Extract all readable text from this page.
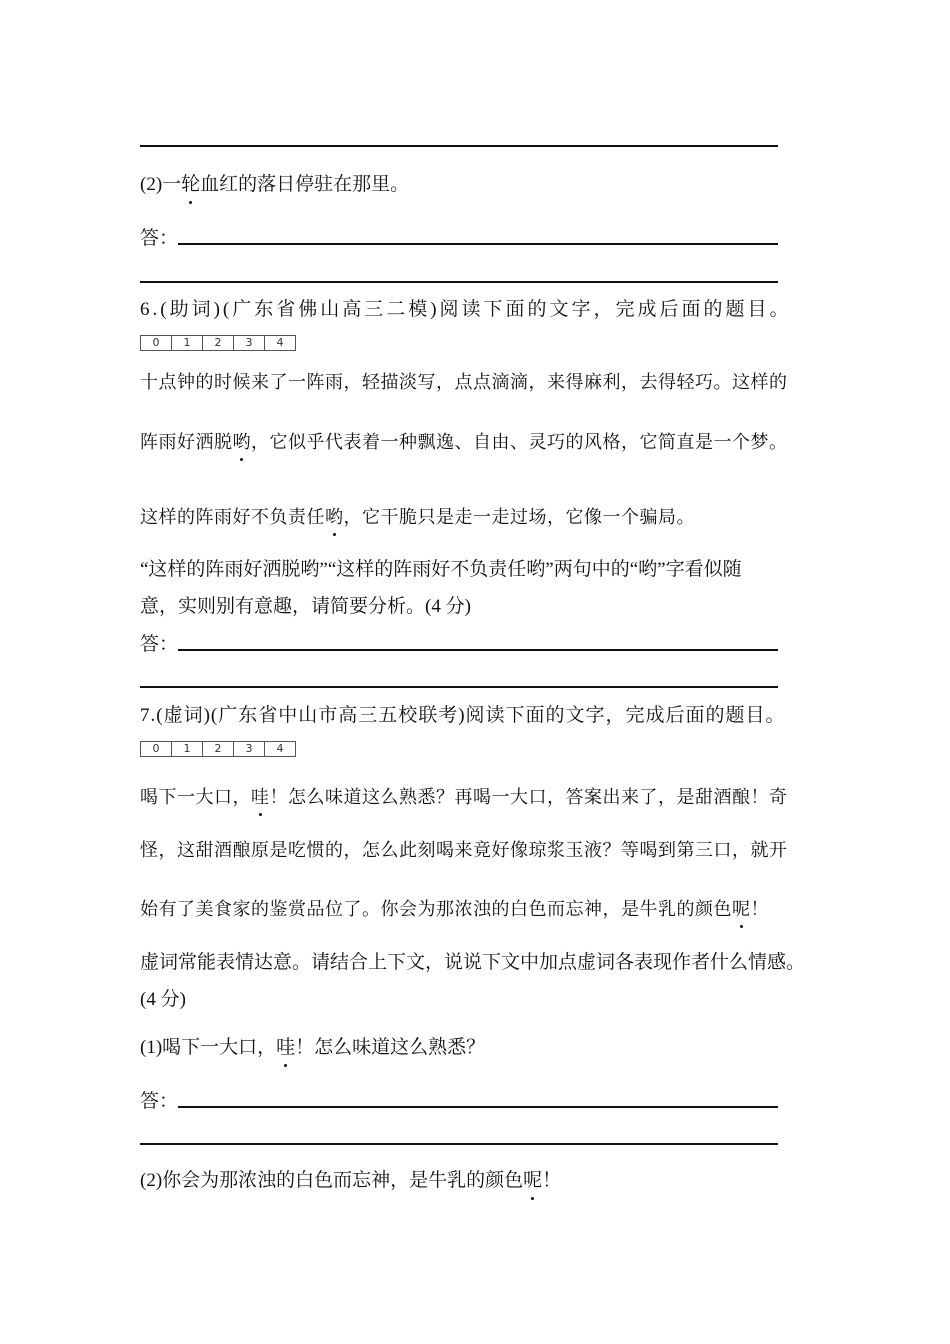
(2)一轮血红的落日停驻在那里。
答：
6.(助词)(广东省佛山高三二模)阅读下面的文字，完成后面的题目。
0	1	2	3	4
十点钟的时候来了一阵雨，轻描淡写，点点滴滴，来得麻利，去得轻巧。这样的
阵雨好洒脱哟，它似乎代表着一种飘逸、自由、灵巧的风格，它简直是一个梦。
这样的阵雨好不负责任哟，它干脆只是走一走过场，它像一个骗局。
“这样的阵雨好洒脱哟”“这样的阵雨好不负责任哟”两句中的“哟”字看似随
意，实则别有意趣，请简要分析。(4 分)
答：
7.(虚词)(广东省中山市高三五校联考)阅读下面的文字，完成后面的题目。
0	1	2	3	4
喝下一大口，哇！怎么味道这么熟悉？再喝一大口，答案出来了，是甜酒酿！奇
怪，这甜酒酿原是吃惯的，怎么此刻喝来竟好像琼浆玉液？等喝到第三口，就开
始有了美食家的鉴赏品位了。你会为那浓浊的白色而忘神，是牛乳的颜色呢！
虚词常能表情达意。请结合上下文，说说下文中加点虚词各表现作者什么情感。
(4 分)
(1)喝下一大口，哇！怎么味道这么熟悉？
答：
(2)你会为那浓浊的白色而忘神，是牛乳的颜色呢！
